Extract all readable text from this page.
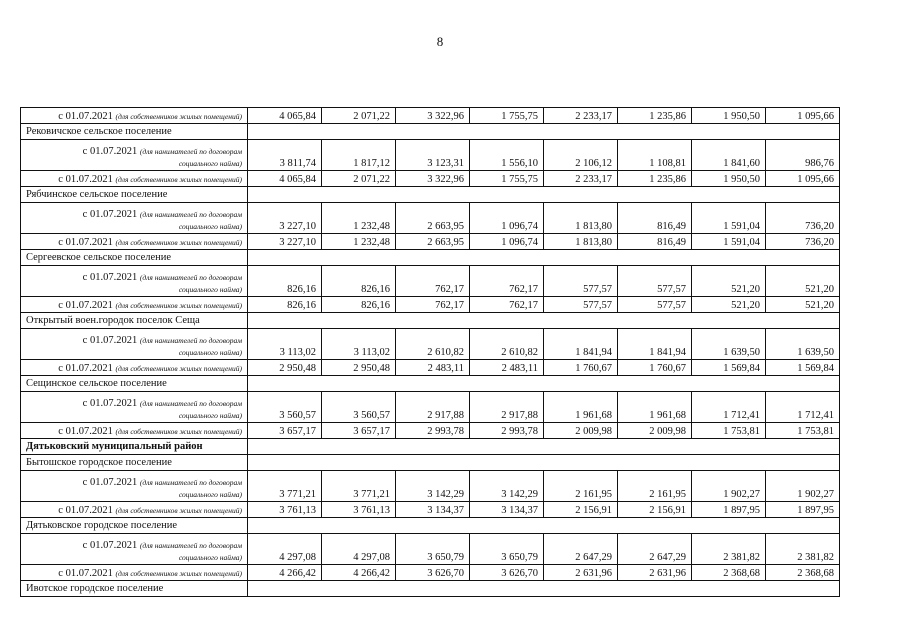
8
с 01.07.2021 (для собственников жилых помещений)	4 065,84	2 071,22	3 322,96	1 755,75	2 233,17	1 235,86	1 950,50	1 095,66
Рековичское сельское поселение								

с 01.07.2021 (для нанимателей по договорам
социального найма)	3 811,74	1 817,12	3 123,31	1 556,10	2 106,12	1 108,81	1 841,60	986,76

с 01.07.2021 (для собственников жилых помещений)	4 065,84	2 071,22	3 322,96	1 755,75	2 233,17	1 235,86	1 950,50	1 095,66
Рябчинское сельское поселение								

с 01.07.2021 (для нанимателей по договорам
социального найма)	3 227,10	1 232,48	2 663,95	1 096,74	1 813,80	816,49	1 591,04	736,20

с 01.07.2021 (для собственников жилых помещений)	3 227,10	1 232,48	2 663,95	1 096,74	1 813,80	816,49	1 591,04	736,20
Сергеевское сельское поселение								

с 01.07.2021 (для нанимателей по договорам
социального найма)	826,16	826,16	762,17	762,17	577,57	577,57	521,20	521,20

с 01.07.2021 (для собственников жилых помещений)	826,16	826,16	762,17	762,17	577,57	577,57	521,20	521,20
Открытый воен.городок поселок Сеща								

с 01.07.2021 (для нанимателей по договорам
социального найма)	3 113,02	3 113,02	2 610,82	2 610,82	1 841,94	1 841,94	1 639,50	1 639,50

с 01.07.2021 (для собственников жилых помещений)	2 950,48	2 950,48	2 483,11	2 483,11	1 760,67	1 760,67	1 569,84	1 569,84
Сещинское сельское поселение								

с 01.07.2021 (для нанимателей по договорам
социального найма)	3 560,57	3 560,57	2 917,88	2 917,88	1 961,68	1 961,68	1 712,41	1 712,41

с 01.07.2021 (для собственников жилых помещений)	3 657,17	3 657,17	2 993,78	2 993,78	2 009,98	2 009,98	1 753,81	1 753,81
Дятьковский муниципальный район								
Бытошское городское поселение								

с 01.07.2021 (для нанимателей по договорам
социального найма)	3 771,21	3 771,21	3 142,29	3 142,29	2 161,95	2 161,95	1 902,27	1 902,27

с 01.07.2021 (для собственников жилых помещений)	3 761,13	3 761,13	3 134,37	3 134,37	2 156,91	2 156,91	1 897,95	1 897,95
Дятьковское городское поселение								

с 01.07.2021 (для нанимателей по договорам
социального найма)	4 297,08	4 297,08	3 650,79	3 650,79	2 647,29	2 647,29	2 381,82	2 381,82

с 01.07.2021 (для собственников жилых помещений)	4 266,42	4 266,42	3 626,70	3 626,70	2 631,96	2 631,96	2 368,68	2 368,68
Ивотское городское поселение								
